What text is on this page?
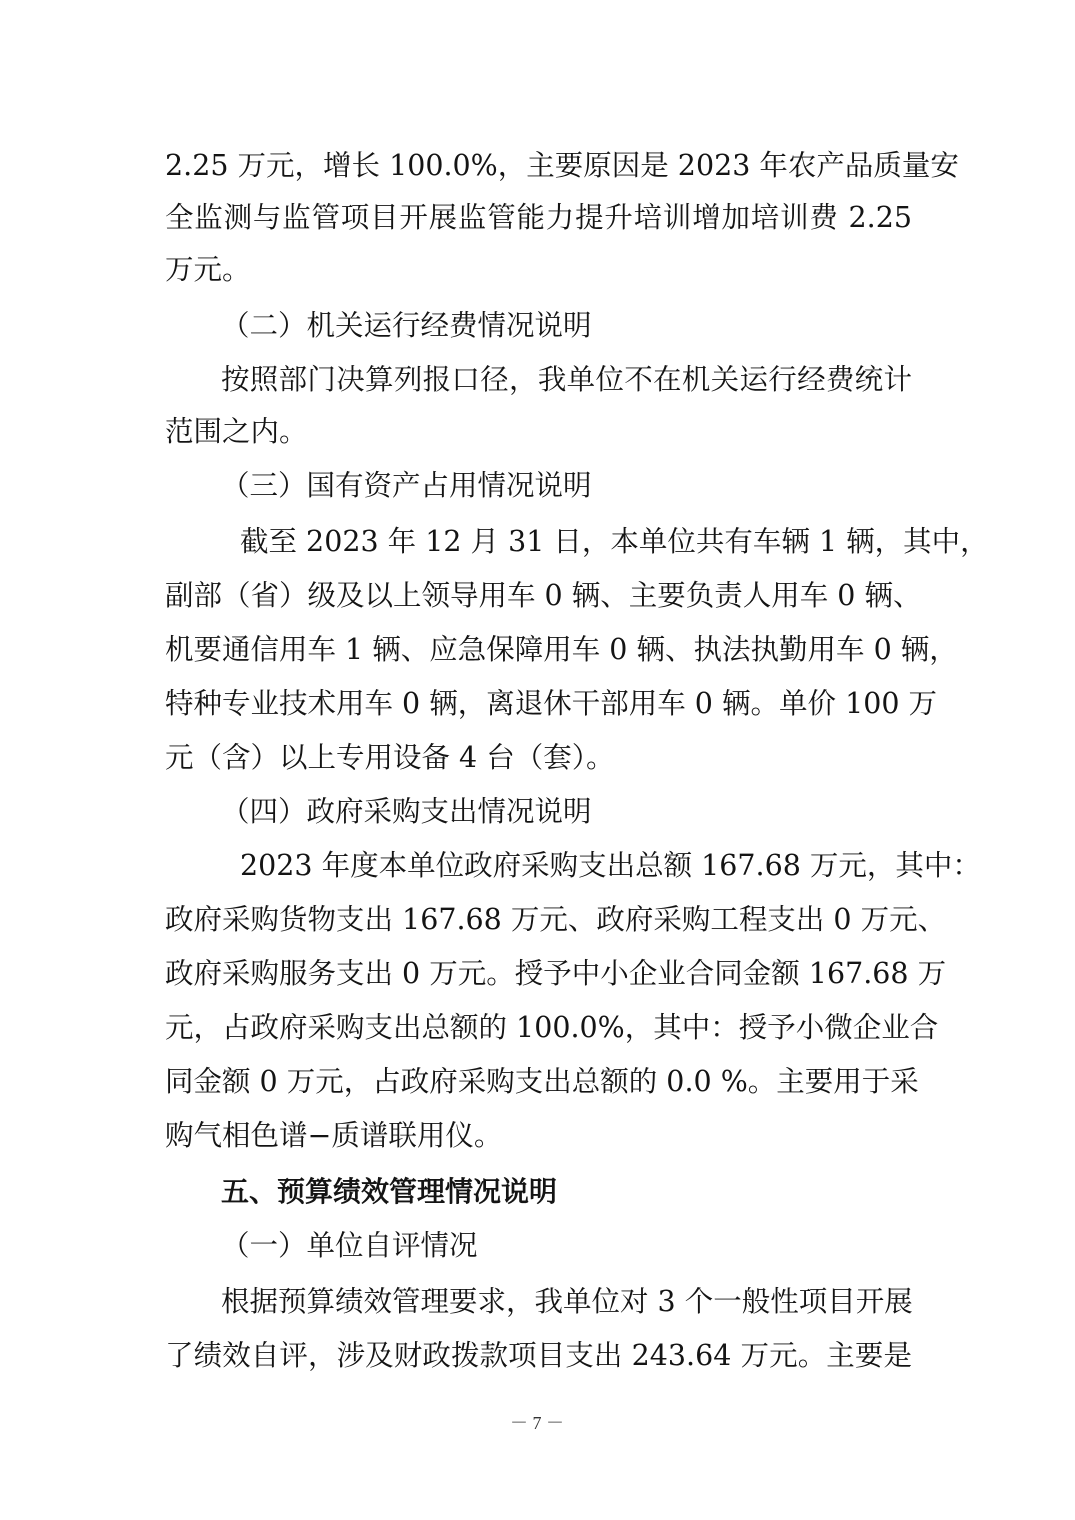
2.25 万元，增长 100.0%，主要原因是 2023 年农产品质量安
全监测与监管项目开展监管能力提升培训增加培训费 2.25
万元。
（二）机关运行经费情况说明
按照部门决算列报口径，我单位不在机关运行经费统计
范围之内。
（三）国有资产占用情况说明
截至 2023 年 12 月 31 日，本单位共有车辆 1 辆，其中，
副部（省）级及以上领导用车 0 辆、主要负责人用车 0 辆、
机要通信用车 1 辆、应急保障用车 0 辆、执法执勤用车 0 辆，
特种专业技术用车 0 辆，离退休干部用车 0 辆。单价 100 万
元（含）以上专用设备 4 台（套）。
（四）政府采购支出情况说明
2023 年度本单位政府采购支出总额 167.68 万元，其中：
政府采购货物支出 167.68 万元、政府采购工程支出 0 万元、
政府采购服务支出 0 万元。授予中小企业合同金额 167.68 万
元，占政府采购支出总额的 100.0%，其中：授予小微企业合
同金额 0 万元，占政府采购支出总额的 0.0 %。主要用于采
购气相色谱−质谱联用仪。
五、预算绩效管理情况说明
（一）单位自评情况
根据预算绩效管理要求，我单位对 3 个一般性项目开展
了绩效自评，涉及财政拨款项目支出 243.64 万元。主要是
－ 7 －
